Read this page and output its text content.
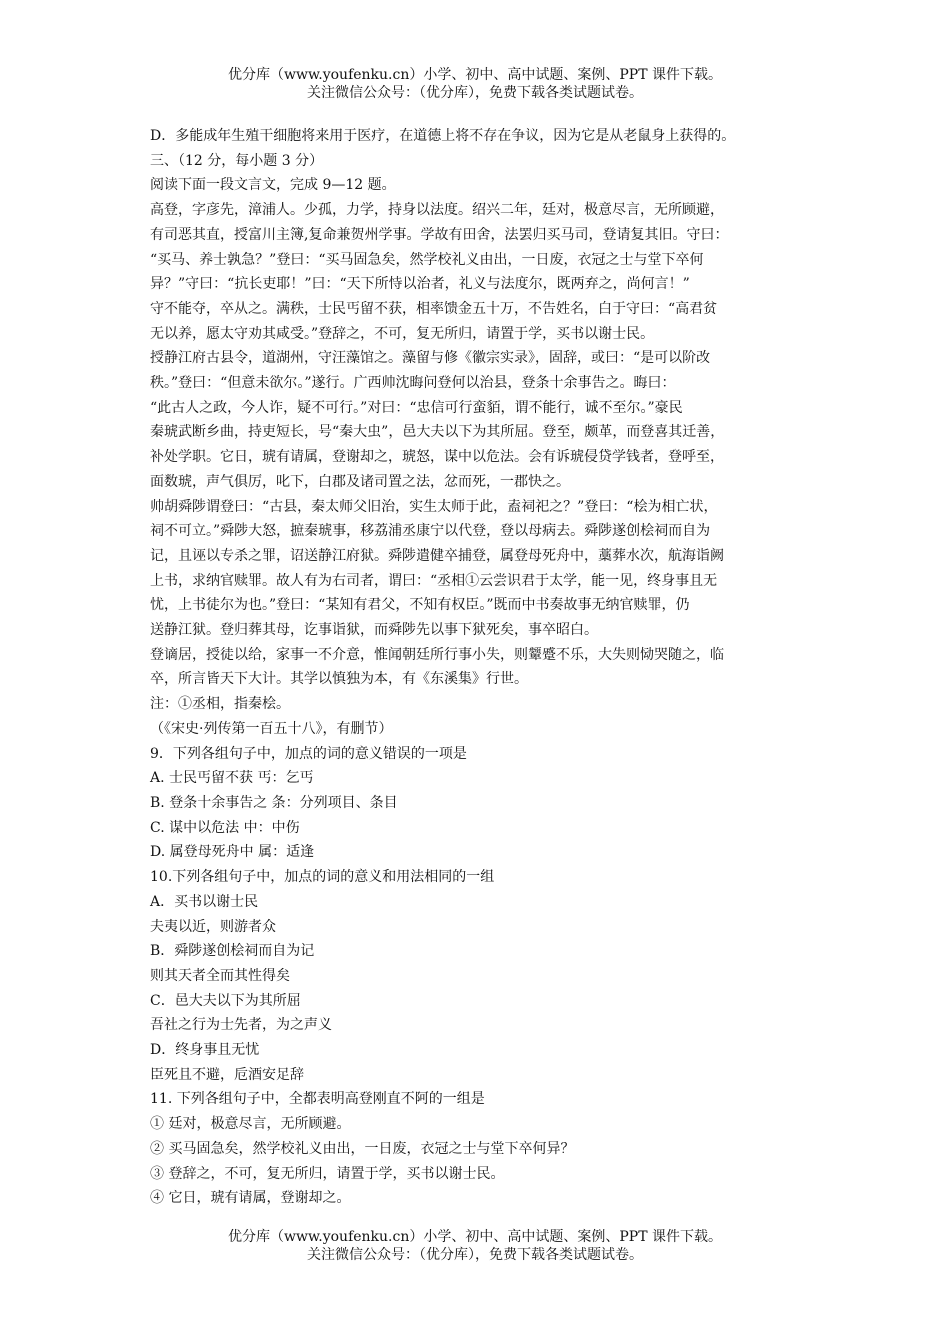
优分库（www.youfenku.cn）小学、初中、高中试题、案例、PPT 课件下载。
关注微信公众号：（优分库），免费下载各类试题试卷。

D．多能成年生殖干细胞将来用于医疗，在道德上将不存在争议，因为它是从老鼠身上获得的。

三、（12 分，每小题 3 分）

阅读下面一段文言文，完成 9—12 题。

高登，字彦先，漳浦人。少孤，力学，持身以法度。绍兴二年，廷对，极意尽言，无所顾避，

有司恶其直，授富川主簿,复命兼贺州学事。学故有田舍，法罢归买马司，登请复其旧。守曰：

“买马、养士孰急？”登曰：“买马固急矣，然学校礼义由出，一日废，衣冠之士与堂下卒何

异？”守曰：“抗长吏耶！”曰：“天下所恃以治者，礼义与法度尔，既两弃之，尚何言！”

守不能夺，卒从之。满秩，士民丐留不获，相率馈金五十万，不告姓名，白于守曰：“高君贫

无以养，愿太守劝其咸受。”登辞之，不可，复无所归，请置于学，买书以谢士民。

授静江府古县令，道湖州，守汪藻馆之。藻留与修《徽宗实录》，固辞，或曰：“是可以阶改

秩。”登曰：“但意未欲尔。”遂行。广西帅沈晦问登何以治县，登条十余事告之。晦曰：

“此古人之政，今人诈，疑不可行。”对曰：“忠信可行蛮貊，谓不能行，诚不至尔。”豪民

秦琥武断乡曲，持吏短长，号“秦大虫”，邑大夫以下为其所屈。登至，颇革，而登喜其迁善，

补处学职。它日，琥有请属，登谢却之，琥怒，谋中以危法。会有诉琥侵贷学钱者，登呼至，

面数琥，声气俱厉，叱下，白郡及诸司置之法，忿而死，一郡快之。

帅胡舜陟谓登曰：“古县，秦太师父旧治，实生太师于此，盍祠祀之？”登曰：“桧为相亡状，

祠不可立。”舜陟大怒，摭秦琥事，移荔浦丞康宁以代登，登以母病去。舜陟遂创桧祠而自为

记，且诬以专杀之罪，诏送静江府狱。舜陟遣健卒捕登，属登母死舟中，藁葬水次，航海诣阙

上书，求纳官赎罪。故人有为右司者，谓曰：“丞相①云尝识君于太学，能一见，终身事且无

忧，上书徒尔为也。”登曰：“某知有君父，不知有权臣。”既而中书奏故事无纳官赎罪，仍

送静江狱。登归葬其母，讫事诣狱，而舜陟先以事下狱死矣，事卒昭白。

登谪居，授徒以给，家事一不介意，惟闻朝廷所行事小失，则颦蹙不乐，大失则恸哭随之，临

卒，所言皆天下大计。其学以慎独为本，有《东溪集》行世。

注：①丞相，指秦桧。

（《宋史·列传第一百五十八》，有删节）

9．下列各组句子中，加点的词的意义错误的一项是

A. 士民丐留不获 丐：乞丐

B. 登条十余事告之 条：分列项目、条目

C. 谋中以危法 中：中伤

D. 属登母死舟中 属：适逢

10.下列各组句子中，加点的词的意义和用法相同的一组

A．买书以谢士民

夫夷以近，则游者众

B．舜陟遂创桧祠而自为记

则其天者全而其性得矣

C．邑大夫以下为其所屈

吾社之行为士先者，为之声义

D．终身事且无忧

臣死且不避，卮酒安足辞

11. 下列各组句子中，全都表明高登刚直不阿的一组是

① 廷对，极意尽言，无所顾避。

② 买马固急矣，然学校礼义由出，一日废，衣冠之士与堂下卒何异？

③ 登辞之，不可，复无所归，请置于学，买书以谢士民。

④ 它日，琥有请属，登谢却之。

优分库（www.youfenku.cn）小学、初中、高中试题、案例、PPT 课件下载。
关注微信公众号：（优分库），免费下载各类试题试卷。
